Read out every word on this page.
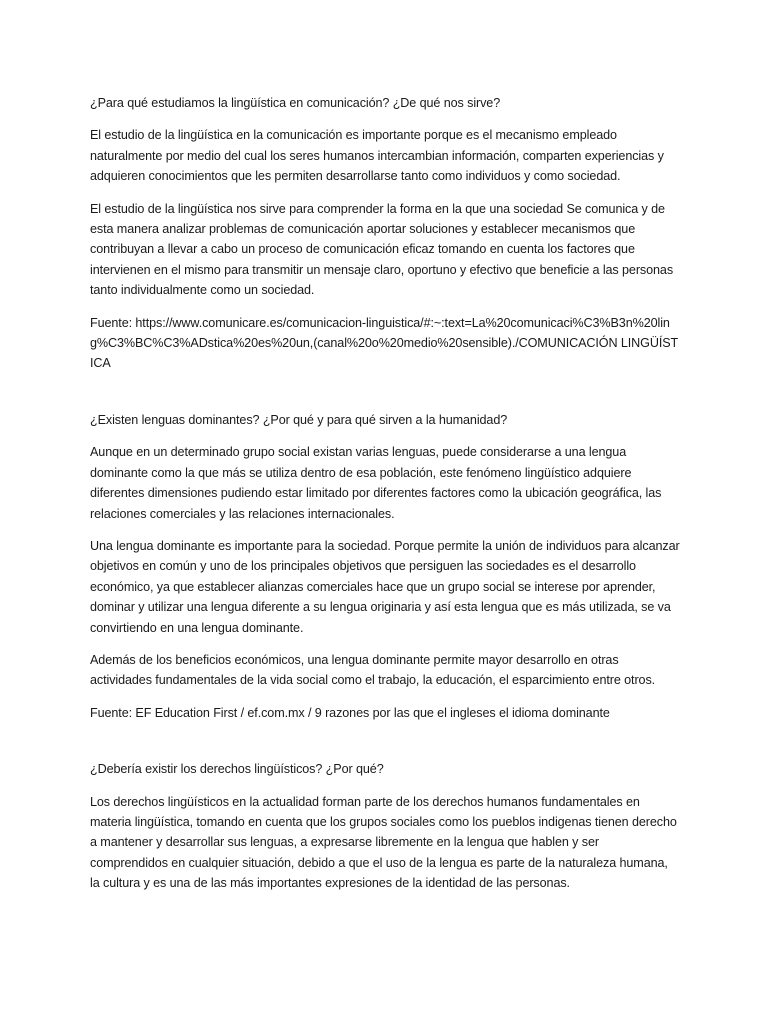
¿Para qué estudiamos la lingüística en comunicación? ¿De qué nos sirve?

El estudio de la lingüística en la comunicación es importante porque es el mecanismo empleado naturalmente por medio del cual los seres humanos intercambian información, comparten experiencias y adquieren conocimientos que les permiten desarrollarse tanto como individuos y como sociedad.

El estudio de la lingüística nos sirve para comprender la forma en la que una sociedad Se comunica y de esta manera analizar problemas de comunicación aportar soluciones y establecer mecanismos que contribuyan a llevar a cabo un proceso de comunicación eficaz tomando en cuenta los factores que intervienen en el mismo para transmitir un mensaje claro, oportuno y efectivo que beneficie a las personas tanto individualmente como un sociedad.

Fuente: https://www.comunicare.es/comunicacion-linguistica/#:~:text=La%20comunicaci%C3%B3n%20ling%C3%BC%C3%ADstica%20es%20un,(canal%20o%20medio%20sensible)./COMUNICACIÓN LINGÜÍSTICA

¿Existen lenguas dominantes? ¿Por qué y para qué sirven a la humanidad?

Aunque en un determinado grupo social existan varias lenguas, puede considerarse a una lengua dominante como la que más se utiliza dentro de esa población, este fenómeno lingüístico adquiere diferentes dimensiones pudiendo estar limitado por diferentes factores como la ubicación geográfica, las relaciones comerciales y las relaciones internacionales.

Una lengua dominante es importante para la sociedad. Porque permite la unión de individuos para alcanzar objetivos en común y uno de los principales objetivos que persiguen las sociedades es el desarrollo económico, ya que establecer alianzas comerciales hace que un grupo social se interese por aprender, dominar y utilizar una lengua diferente a su lengua originaria y así esta lengua que es más utilizada, se va convirtiendo en una lengua dominante.

Además de los beneficios económicos, una lengua dominante permite mayor desarrollo en otras actividades fundamentales de la vida social como el trabajo, la educación, el esparcimiento entre otros.

Fuente: EF Education First / ef.com.mx / 9 razones por las que el ingleses el idioma dominante

¿Debería existir los derechos lingüísticos? ¿Por qué?

Los derechos lingüísticos en la actualidad forman parte de los derechos humanos fundamentales en materia lingüística, tomando en cuenta que los grupos sociales como los pueblos indigenas tienen derecho a mantener y desarrollar sus lenguas, a expresarse libremente en la lengua que hablen y ser comprendidos en cualquier situación, debido a que el uso de la lengua es parte de la naturaleza humana, la cultura y es una de las más importantes expresiones de la identidad de las personas.
